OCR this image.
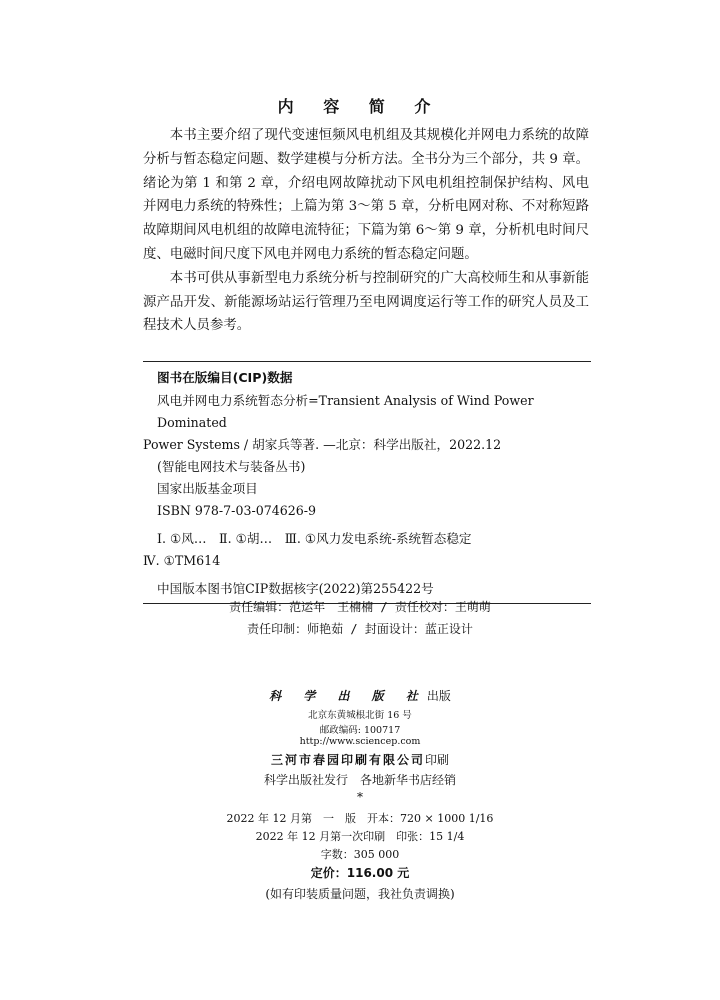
内 容 简 介

本书主要介绍了现代变速恒频风电机组及其规模化并网电力系统的故障分析与暂态稳定问题、数学建模与分析方法。全书分为三个部分，共 9 章。绪论为第 1 和第 2 章，介绍电网故障扰动下风电机组控制保护结构、风电并网电力系统的特殊性；上篇为第 3～第 5 章，分析电网对称、不对称短路故障期间风电机组的故障电流特征；下篇为第 6～第 9 章，分析机电时间尺度、电磁时间尺度下风电并网电力系统的暂态稳定问题。

本书可供从事新型电力系统分析与控制研究的广大高校师生和从事新能源产品开发、新能源场站运行管理乃至电网调度运行等工作的研究人员及工程技术人员参考。

图书在版编目(CIP)数据
风电并网电力系统暂态分析=Transient Analysis of Wind Power Dominated
Power Systems / 胡家兵等著. —北京：科学出版社，2022.12
(智能电网技术与装备丛书)
国家出版基金项目
ISBN 978-7-03-074626-9
Ⅰ. ①风…　Ⅱ. ①胡…　Ⅲ. ①风力发电系统-系统暂态稳定
Ⅳ. ①TM614
中国版本图书馆CIP数据核字(2022)第255422号
责任编辑：范运年　王楠楠 / 责任校对：王萌萌
责任印制：师艳茹 / 封面设计：蓝正设计
科 学 出 版 社出版
北京东黄城根北街 16 号
邮政编码: 100717
http://www.sciencep.com
三河市春园印刷有限公司印刷
科学出版社发行　各地新华书店经销
*
2022 年 12 月第　一　版　开本：720 × 1000 1/16
2022 年 12 月第一次印刷　印张：15 1/4
字数：305 000
定价：116.00 元
(如有印装质量问题，我社负责调换)
